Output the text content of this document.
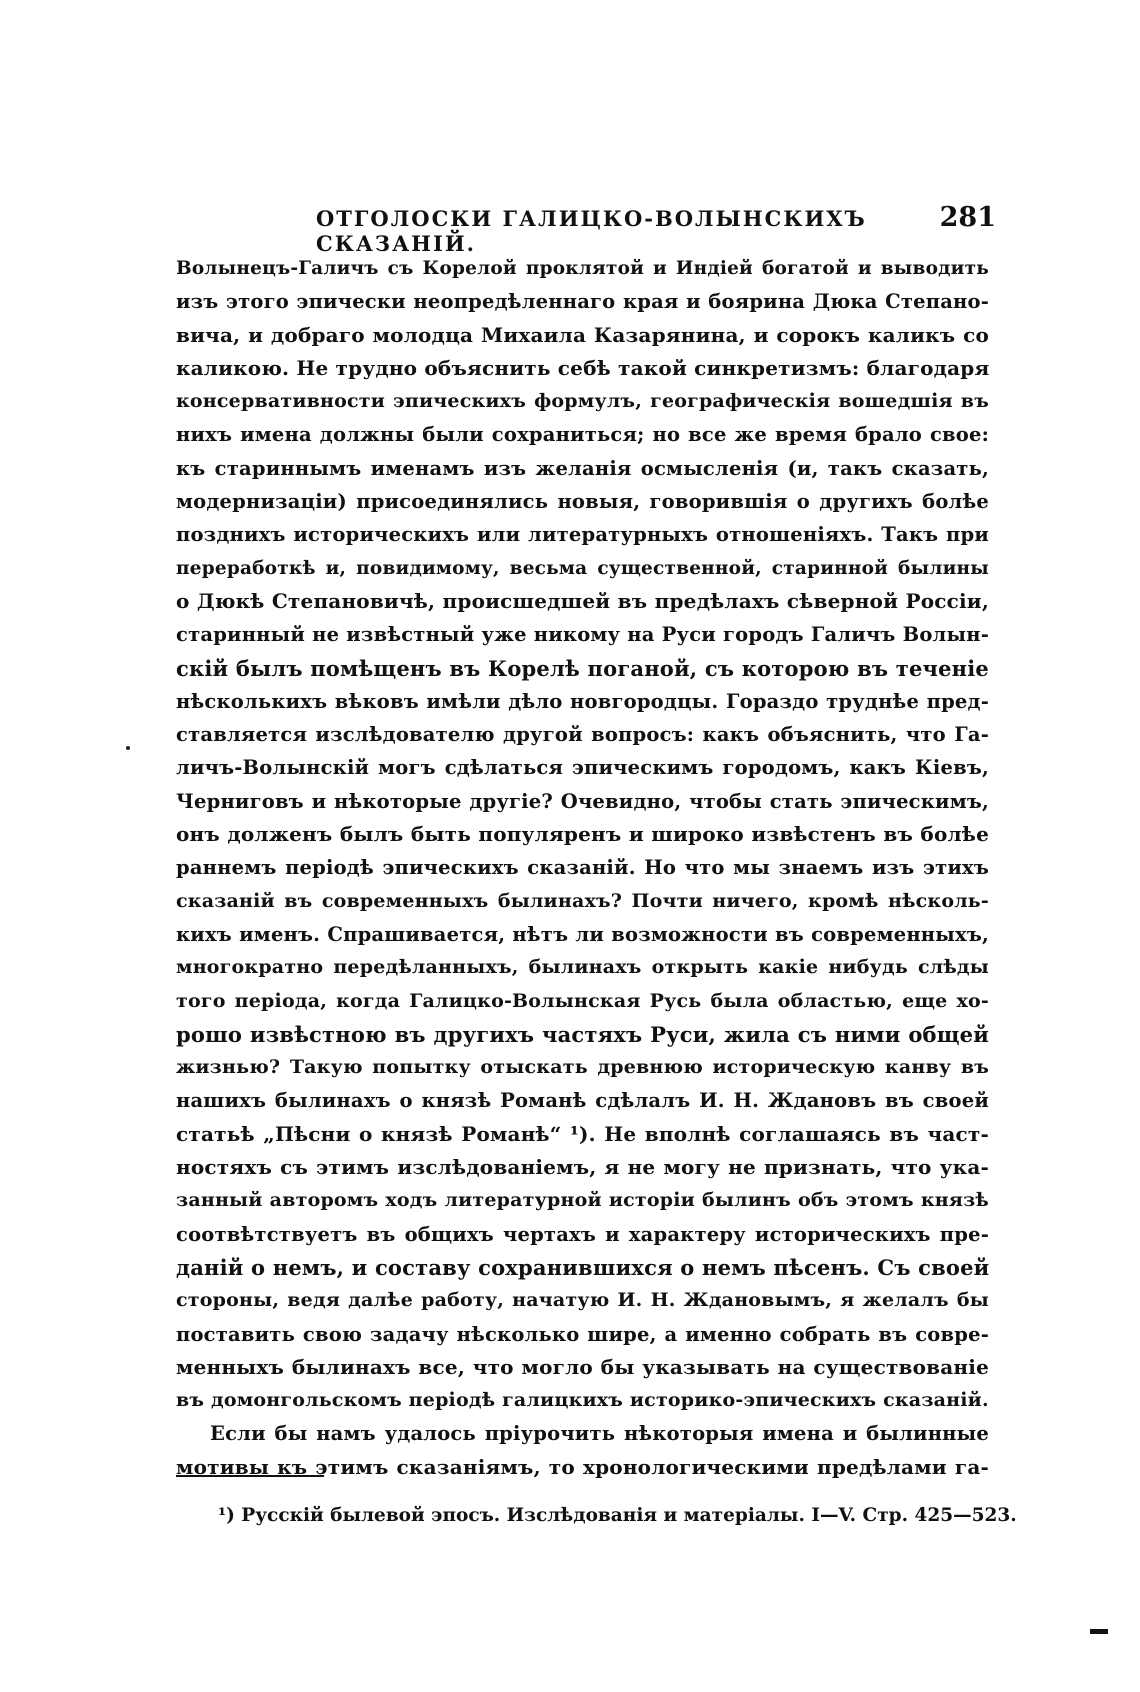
ОТГОЛОСКИ ГАЛИЦКО-ВОЛЫНСКИХЪ СКАЗАНІЙ.
281
Волынецъ-Галичъ съ Корелой проклятой и Индіей богатой и выводить
изъ этого эпически неопредѣленнаго края и боярина Дюка Степано-
вича, и добраго молодца Михаила Казарянина, и сорокъ каликъ со
каликою. Не трудно объяснить себѣ такой синкретизмъ: благодаря
консервативности эпическихъ формулъ, географическія вошедшія въ
нихъ имена должны были сохраниться; но все же время брало свое:
къ стариннымъ именамъ изъ желанія осмысленія (и, такъ сказать,
модернизаціи) присоединялись новыя, говорившія о другихъ болѣе
позднихъ историческихъ или литературныхъ отношеніяхъ. Такъ при
переработкѣ и, повидимому, весьма существенной, старинной былины
о Дюкѣ Степановичѣ, происшедшей въ предѣлахъ сѣверной Россіи,
старинный не извѣстный уже никому на Руси городъ Галичъ Волын-
скій былъ помѣщенъ въ Корелѣ поганой, съ которою въ теченіе
нѣсколькихъ вѣковъ имѣли дѣло новгородцы. Гораздо труднѣе пред-
ставляется изслѣдователю другой вопросъ: какъ объяснить, что Га-
личъ-Волынскій могъ сдѣлаться эпическимъ городомъ, какъ Кіевъ,
Черниговъ и нѣкоторые другіе? Очевидно, чтобы стать эпическимъ,
онъ долженъ былъ быть популяренъ и широко извѣстенъ въ болѣе
раннемъ періодѣ эпическихъ сказаній. Но что мы знаемъ изъ этихъ
сказаній въ современныхъ былинахъ? Почти ничего, кромѣ нѣсколь-
кихъ именъ. Спрашивается, нѣтъ ли возможности въ современныхъ,
многократно передѣланныхъ, былинахъ открыть какіе нибудь слѣды
того періода, когда Галицко-Волынская Русь была областью, еще хо-
рошо извѣстною въ другихъ частяхъ Руси, жила съ ними общей
жизнью? Такую попытку отыскать древнюю историческую канву въ
нашихъ былинахъ о князѣ Романѣ сдѣлалъ И. Н. Ждановъ въ своей
статьѣ „Пѣсни о князѣ Романѣ“ ¹). Не вполнѣ соглашаясь въ част-
ностяхъ съ этимъ изслѣдованіемъ, я не могу не признать, что ука-
занный авторомъ ходъ литературной исторіи былинъ объ этомъ князѣ
соотвѣтствуетъ въ общихъ чертахъ и характеру историческихъ пре-
даній о немъ, и составу сохранившихся о немъ пѣсенъ. Съ своей
стороны, ведя далѣе работу, начатую И. Н. Ждановымъ, я желалъ бы
поставить свою задачу нѣсколько шире, а именно собрать въ совре-
менныхъ былинахъ все, что могло бы указывать на существованіе
въ домонгольскомъ періодѣ галицкихъ историко-эпическихъ сказаній.
Если бы намъ удалось пріурочить нѣкоторыя имена и былинные
мотивы къ этимъ сказаніямъ, то хронологическими предѣлами га-
¹) Русскій былевой эпосъ. Изслѣдованія и матеріалы. I—V. Стр. 425—523.
